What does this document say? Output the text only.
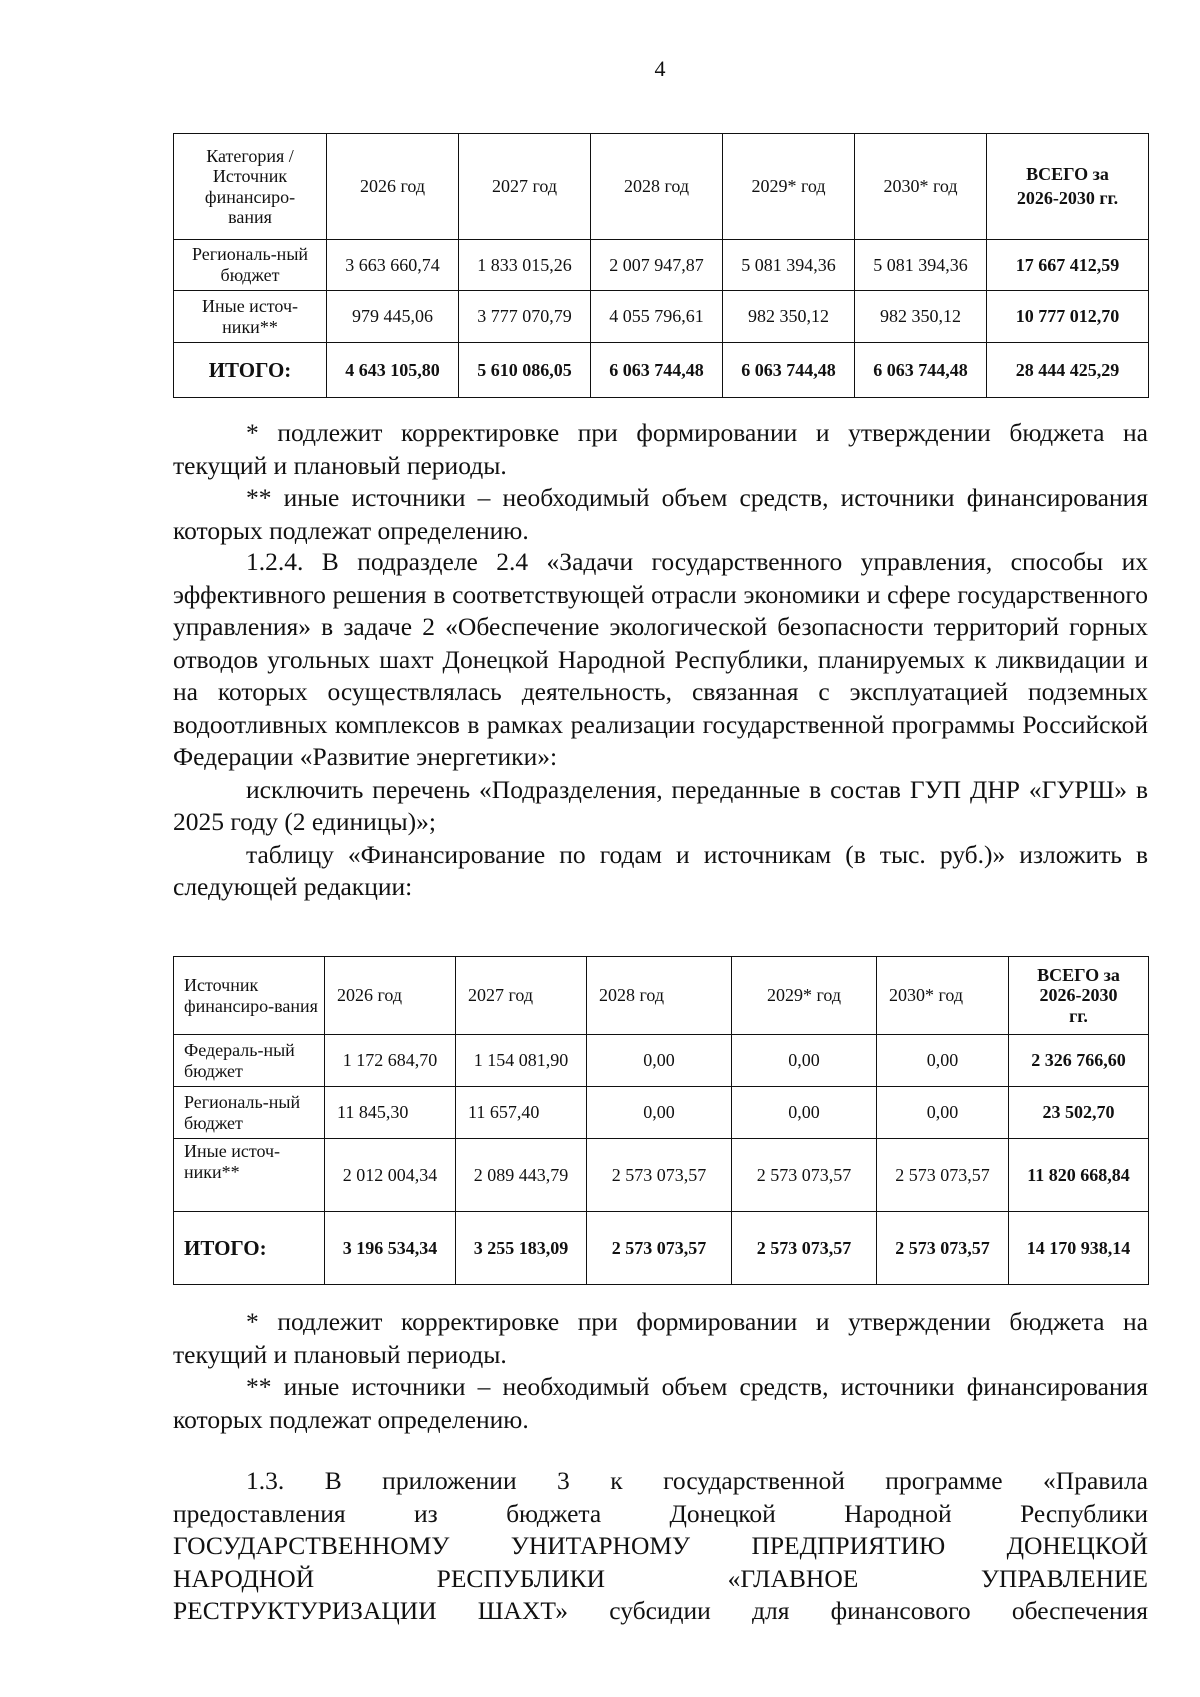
4
Категория / Источник финансиро-вания	2026 год	2027 год	2028 год	2029* год	2030* год	ВСЕГО за 2026-2030 гг.
Региональ-ный бюджет	3 663 660,74	1 833 015,26	2 007 947,87	5 081 394,36	5 081 394,36	17 667 412,59
Иные источ-ники**	979 445,06	3 777 070,79	4 055 796,61	982 350,12	982 350,12	10 777 012,70
ИТОГО:	4 643 105,80	5 610 086,05	6 063 744,48	6 063 744,48	6 063 744,48	28 444 425,29

* подлежит корректировке при формировании и утверждении бюджета на текущий и плановый периоды.

** иные источники – необходимый объем средств, источники финансирования которых подлежат определению.

1.2.4. В подразделе 2.4 «Задачи государственного управления, способы их эффективного решения в соответствующей отрасли экономики и сфере государственного управления» в задаче 2 «Обеспечение экологической безопасности территорий горных отводов угольных шахт Донецкой Народной Республики, планируемых к ликвидации и на которых осуществлялась деятельность, связанная с эксплуатацией подземных водоотливных комплексов в рамках реализации государственной программы Российской Федерации «Развитие энергетики»:

исключить перечень «Подразделения, переданные в состав ГУП ДНР «ГУРШ» в 2025 году (2 единицы)»;

таблицу «Финансирование по годам и источникам (в тыс. руб.)» изложить в следующей редакции:

Источник финансиро-вания	2026 год	2027 год	2028 год	2029* год	2030* год	ВСЕГО за 2026-2030 гг.
Федераль-ный бюджет	1 172 684,70	1 154 081,90	0,00	0,00	0,00	2 326 766,60
Региональ-ный бюджет	11 845,30	11 657,40	0,00	0,00	0,00	23 502,70
Иные источ-ники**	2 012 004,34	2 089 443,79	2 573 073,57	2 573 073,57	2 573 073,57	11 820 668,84
ИТОГО:	3 196 534,34	3 255 183,09	2 573 073,57	2 573 073,57	2 573 073,57	14 170 938,14

* подлежит корректировке при формировании и утверждении бюджета на текущий и плановый периоды.

** иные источники – необходимый объем средств, источники финансирования которых подлежат определению.

1.3. В приложении 3 к государственной программе «Правила
предоставления из бюджета Донецкой Народной Республики
ГОСУДАРСТВЕННОМУ УНИТАРНОМУ ПРЕДПРИЯТИЮ ДОНЕЦКОЙ
НАРОДНОЙ РЕСПУБЛИКИ «ГЛАВНОЕ УПРАВЛЕНИЕ
РЕСТРУКТУРИЗАЦИИ ШАХТ» субсидии для финансового обеспечения
